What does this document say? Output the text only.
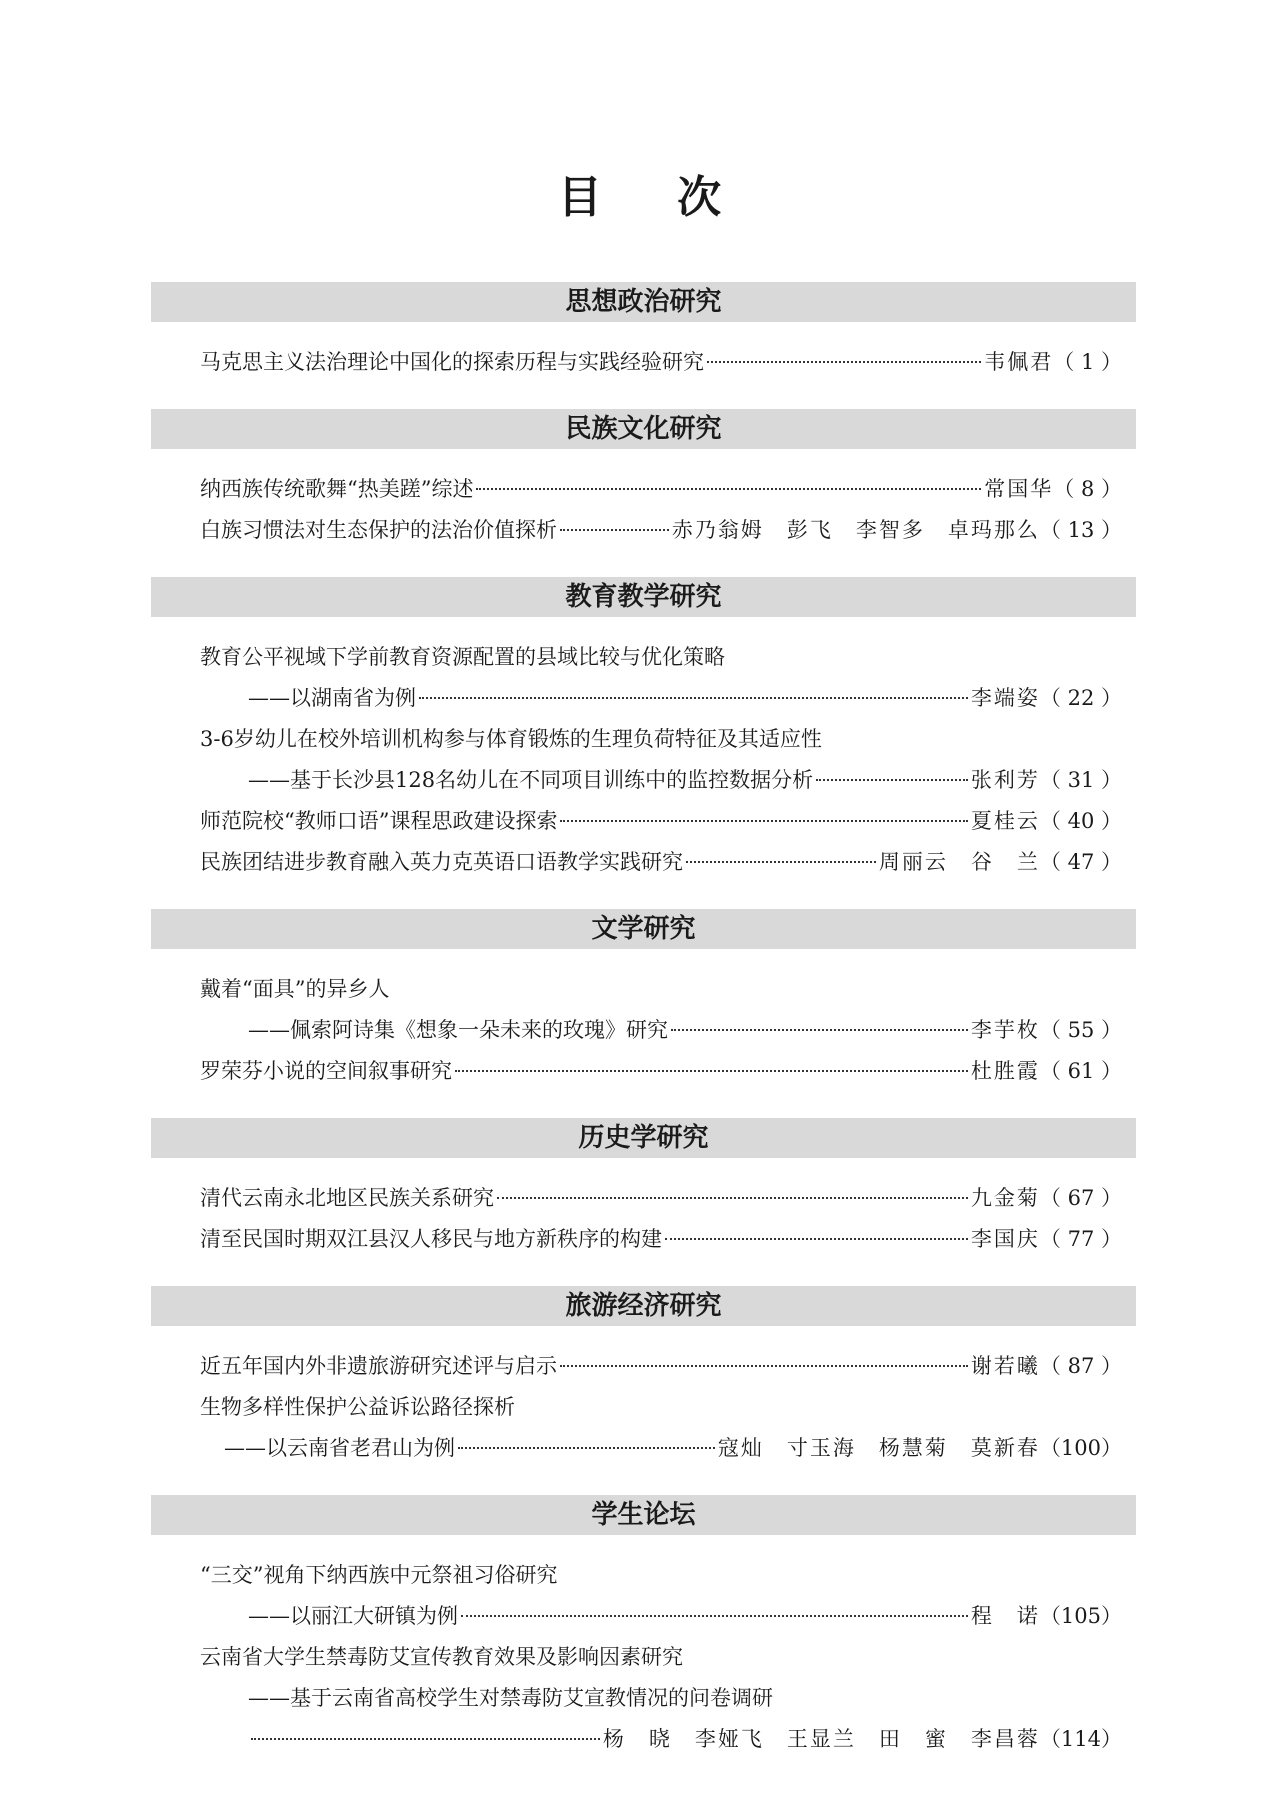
目 次
思想政治研究
马克思主义法治理论中国化的探索历程与实践经验研究	韦佩君 （ 1 ）
民族文化研究
纳西族传统歌舞“热美蹉”综述	常国华 （ 8 ）
白族习惯法对生态保护的法治价值探析	赤乃翁姆　彭飞　李智多　卓玛那么 （ 13 ）
教育教学研究
教育公平视域下学前教育资源配置的县域比较与优化策略
——以湖南省为例	李端姿 （ 22 ）
3-6岁幼儿在校外培训机构参与体育锻炼的生理负荷特征及其适应性
——基于长沙县128名幼儿在不同项目训练中的监控数据分析	张利芳 （ 31 ）
师范院校“教师口语”课程思政建设探索	夏桂云 （ 40 ）
民族团结进步教育融入英力克英语口语教学实践研究	周丽云　谷　兰 （ 47 ）
文学研究
戴着“面具”的异乡人
——佩索阿诗集《想象一朵未来的玫瑰》研究	李芋枚 （ 55 ）
罗荣芬小说的空间叙事研究	杜胜霞 （ 61 ）
历史学研究
清代云南永北地区民族关系研究	九金菊 （ 67 ）
清至民国时期双江县汉人移民与地方新秩序的构建	李国庆 （ 77 ）
旅游经济研究
近五年国内外非遗旅游研究述评与启示	谢若曦 （ 87 ）
生物多样性保护公益诉讼路径探析
——以云南省老君山为例	寇灿　寸玉海　杨慧菊　莫新春 （100）
学生论坛
“三交”视角下纳西族中元祭祖习俗研究
——以丽江大研镇为例	程　诺 （105）
云南省大学生禁毒防艾宣传教育效果及影响因素研究
——基于云南省高校学生对禁毒防艾宣教情况的问卷调研
杨　晓　李娅飞　王显兰　田　蜜　李昌蓉 （114）
